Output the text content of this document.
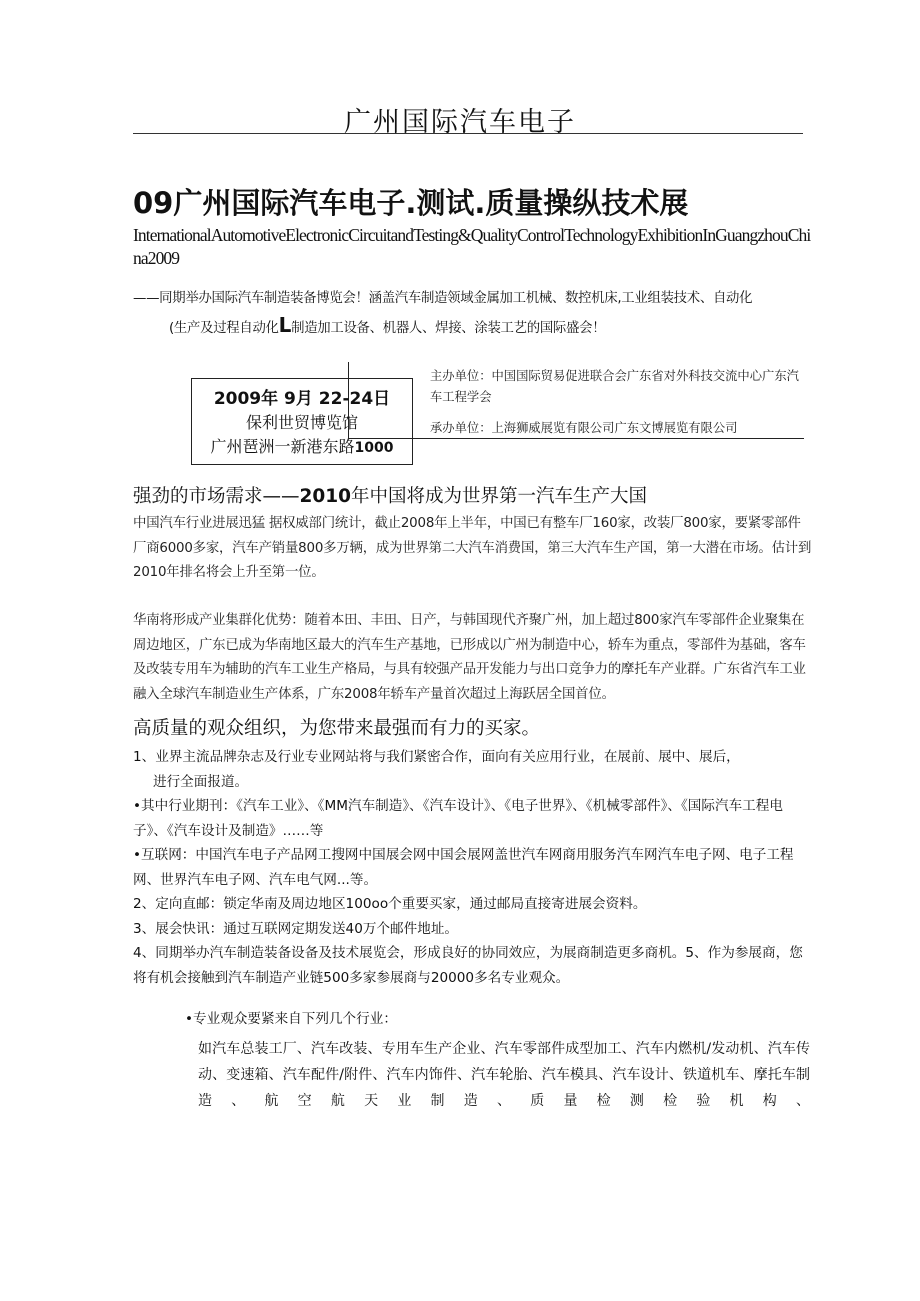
广州国际汽车电子
09广州国际汽车电子.测试.质量操纵技术展
InternationalAutomotiveElectronicCircuitandTesting&QualityControlTechnologyExhibitionInGuangzhouChina2009
——同期举办国际汽车制造装备博览会！涵盖汽车制造领域金属加工机械、数控机床,工业组装技术、自动化
(生产及过程自动化L制造加工设备、机器人、焊接、涂装工艺的国际盛会！
主办单位：中国国际贸易促进联合会广东省对外科技交流中心广东汽车工程学会
承办单位：上海狮威展览有限公司广东文博展览有限公司
2009年 9月 22-24日
保利世贸博览馆
广州琶洲一新港东路1000
强劲的市场需求——2010年中国将成为世界第一汽车生产大国
中国汽车行业进展迅猛 据权威部门统计，截止2008年上半年，中国已有整车厂160家，改装厂800家，要紧零部件厂商6000多家，汽车产销量800多万辆，成为世界第二大汽车消费国，第三大汽车生产国，第一大潜在市场。估计到2010年排名将会上升至第一位。
华南将形成产业集群化优势：随着本田、丰田、日产，与韩国现代齐聚广州，加上超过800家汽车零部件企业聚集在周边地区，广东已成为华南地区最大的汽车生产基地，已形成以广州为制造中心，轿车为重点，零部件为基础，客车及改装专用车为辅助的汽车工业生产格局，与具有较强产品开发能力与出口竞争力的摩托车产业群。广东省汽车工业融入全球汽车制造业生产体系，广东2008年轿车产量首次超过上海跃居全国首位。
高质量的观众组织，为您带来最强而有力的买家。

1、业界主流品牌杂志及行业专业网站将与我们紧密合作，面向有关应用行业，在展前、展中、展后，

进行全面报道。

•其中行业期刊：《汽车工业》、《MM汽车制造》、《汽车设计》、《电子世界》、《机械零部件》、《国际汽车工程电子》、《汽车设计及制造》……等

•互联网：中国汽车电子产品网工搜网中国展会网中国会展网盖世汽车网商用服务汽车网汽车电子网、电子工程网、世界汽车电子网、汽车电气网...等。

2、定向直邮：锁定华南及周边地区100oo个重要买家，通过邮局直接寄进展会资料。

3、展会快讯：通过互联网定期发送40万个邮件地址。

4、同期举办汽车制造装备设备及技术展览会，形成良好的协同效应，为展商制造更多商机。5、作为参展商，您将有机会接触到汽车制造产业链500多家参展商与20000多名专业观众。

•专业观众要紧来自下列几个行业：
如汽车总装工厂、汽车改装、专用车生产企业、汽车零部件成型加工、汽车内燃机/发动机、汽车传动、变速箱、汽车配件/附件、汽车内饰件、汽车轮胎、汽车模具、汽车设计、铁道机车、摩托车制造、航空航天业制造、质量检测检验机构、
